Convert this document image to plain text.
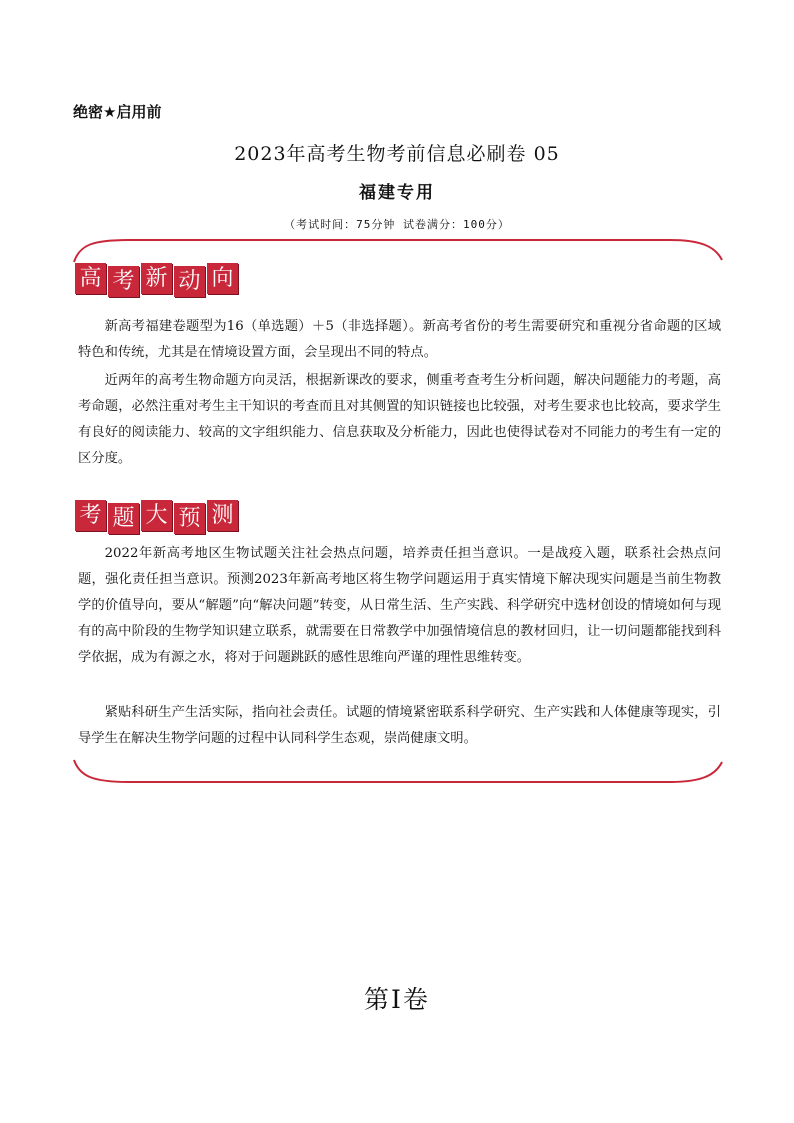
绝密★启用前
2023年高考生物考前信息必刷卷 05
福建专用
（考试时间：75分钟 试卷满分：100分）
高 考 新 动 向
新高考福建卷题型为16（单选题）＋5（非选择题）。新高考省份的考生需要研究和重视分省命题的区域特色和传统，尤其是在情境设置方面，会呈现出不同的特点。
近两年的高考生物命题方向灵活，根据新课改的要求，侧重考查考生分析问题，解决问题能力的考题，高考命题，必然注重对考生主干知识的考查而且对其侧置的知识链接也比较强，对考生要求也比较高，要求学生有良好的阅读能力、较高的文字组织能力、信息获取及分析能力，因此也使得试卷对不同能力的考生有一定的区分度。
考 题 大 预 测
2022年新高考地区生物试题关注社会热点问题，培养责任担当意识。一是战疫入题，联系社会热点问题，强化责任担当意识。预测2023年新高考地区将生物学问题运用于真实情境下解决现实问题是当前生物教学的价值导向，要从“解题”向“解决问题”转变，从日常生活、生产实践、科学研究中选材创设的情境如何与现有的高中阶段的生物学知识建立联系，就需要在日常教学中加强情境信息的教材回归，让一切问题都能找到科学依据，成为有源之水，将对于问题跳跃的感性思维向严谨的理性思维转变。
紧贴科研生产生活实际，指向社会责任。试题的情境紧密联系科学研究、生产实践和人体健康等现实，引导学生在解决生物学问题的过程中认同科学生态观，崇尚健康文明。
第Ⅰ卷
